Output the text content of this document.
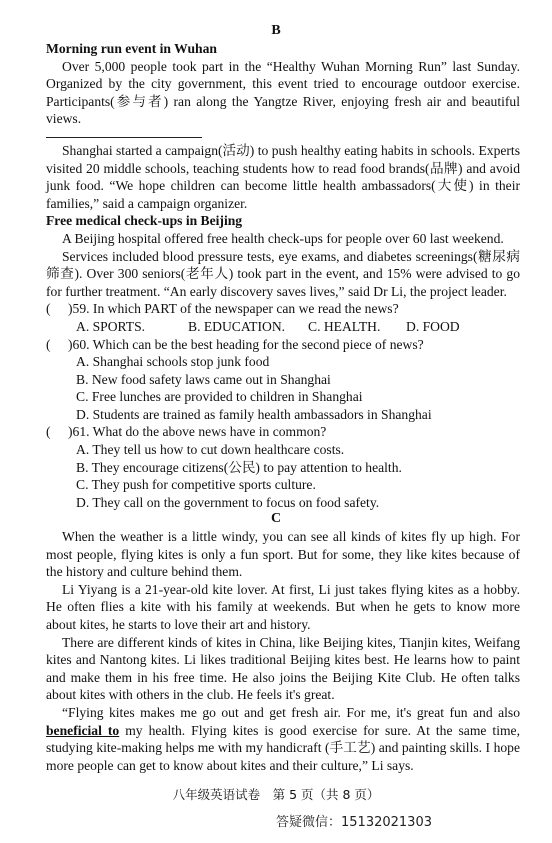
B

Morning run event in Wuhan

Over 5,000 people took part in the “Healthy Wuhan Morning Run” last Sunday. Organized by the city government, this event tried to encourage outdoor exercise. Participants(参与者) ran along the Yangtze River, enjoying fresh air and beautiful views.

Shanghai started a campaign(活动) to push healthy eating habits in schools. Experts visited 20 middle schools, teaching students how to read food brands(品牌) and avoid junk food. “We hope children can become little health ambassadors(大使) in their families,” said a campaign organizer.

Free medical check-ups in Beijing

A Beijing hospital offered free health check-ups for people over 60 last weekend.

Services included blood pressure tests, eye exams, and diabetes screenings(糖尿病筛查). Over 300 seniors(老年人) took part in the event, and 15% were advised to go for further treatment. “An early discovery saves lives,” said Dr Li, the project leader.

( )59. In which PART of the newspaper can we read the news?

A. SPORTS.	B. EDUCATION.	C. HEALTH.	D. FOOD

( )60. Which can be the best heading for the second piece of news?

A. Shanghai schools stop junk food

B. New food safety laws came out in Shanghai

C. Free lunches are provided to children in Shanghai

D. Students are trained as family health ambassadors in Shanghai

( )61. What do the above news have in common?

A. They tell us how to cut down healthcare costs.

B. They encourage citizens(公民) to pay attention to health.

C. They push for competitive sports culture.

D. They call on the government to focus on food safety.

C

When the weather is a little windy, you can see all kinds of kites fly up high. For most people, flying kites is only a fun sport. But for some, they like kites because of the history and culture behind them.

Li Yiyang is a 21-year-old kite lover. At first, Li just takes flying kites as a hobby. He often flies a kite with his family at weekends. But when he gets to know more about kites, he starts to love their art and history.

There are different kinds of kites in China, like Beijing kites, Tianjin kites, Weifang kites and Nantong kites. Li likes traditional Beijing kites best. He learns how to paint and make them in his free time. He also joins the Beijing Kite Club. He often talks about kites with others in the club. He feels it's great.

“Flying kites makes me go out and get fresh air. For me, it's great fun and also beneficial to my health. Flying kites is good exercise for sure. At the same time, studying kite-making helps me with my handicraft (手工艺) and painting skills. I hope more people can get to know about kites and their culture,” Li says.

八年级英语试卷　第 5 页（共 8 页）
答疑微信：15132021303
